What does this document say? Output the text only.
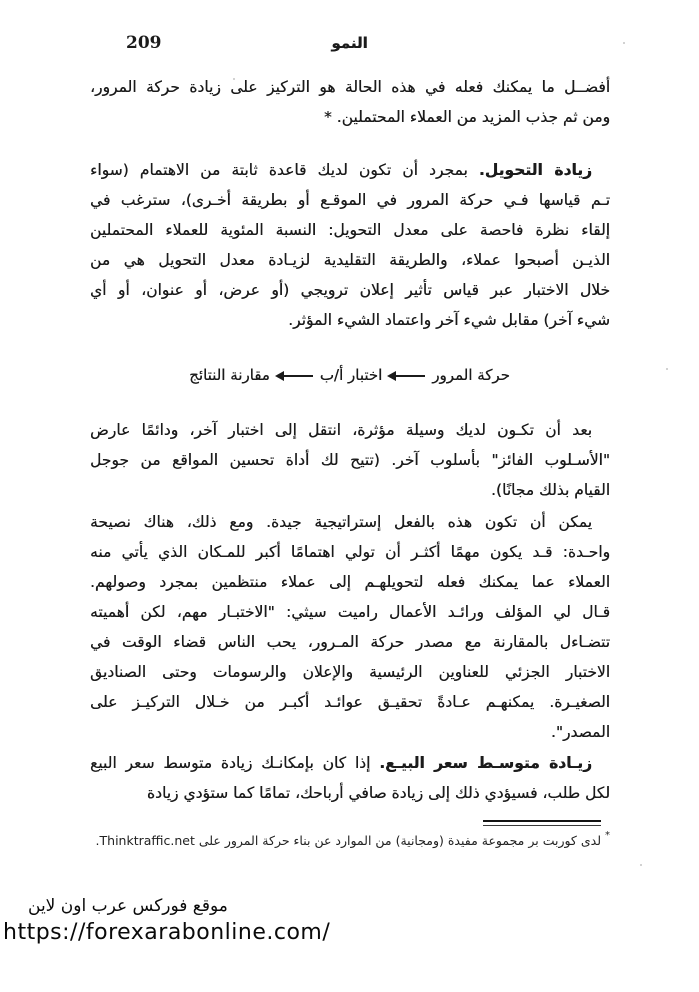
النمو
209
أفضــل ما يمكنك فعله في هذه الحالة هو التركيز على زيادة حركة المرور،
ومن ثم جذب المزيد من العملاء المحتملين. *
زيادة التحويل. بمجرد أن تكون لديك قاعدة ثابتة من الاهتمام (سواء
تـم قياسها فـي حركة المرور في الموقـع أو بطريقة أخـرى)، سترغب في
إلقاء نظرة فاحصة على معدل التحويل: النسبة المئوية للعملاء المحتملين
الذيـن أصبحوا عملاء، والطريقة التقليدية لزيـادة معدل التحويل هي من
خلال الاختبار عبر قياس تأثير إعلان ترويجي (أو عرض، أو عنوان، أو أي
شيء آخر) مقابل شيء آخر واعتماد الشيء المؤثر.
حركة المروراختبار أ/بمقارنة النتائج
بعد أن تكـون لديك وسيلة مؤثرة، انتقل إلى اختبار آخر، ودائمًا عارض
"الأسـلوب الفائز" بأسلوب آخر. (تتيح لك أداة تحسين المواقع من جوجل
القيام بذلك مجانًا).
يمكن أن تكون هذه بالفعل إستراتيجية جيدة. ومع ذلك، هناك نصيحة
واحـدة: قـد يكون مهمًا أكثـر أن تولي اهتمامًا أكبر للمـكان الذي يأتي منه
العملاء عما يمكنك فعله لتحويلهـم إلى عملاء منتظمين بمجرد وصولهم.
قـال لي المؤلف ورائـد الأعمال راميت سيثي: "الاختبـار مهم، لكن أهميته
تتضـاءل بالمقارنة مع مصدر حركة المـرور، يحب الناس قضاء الوقت في
الاختبار الجزئي للعناوين الرئيسية والإعلان والرسومات وحتى الصناديق
الصغيـرة. يمكنهـم عـادةً تحقيـق عوائـد أكبـر من خـلال التركيـز على
المصدر".
زيـادة متوسـط سعر البيـع. إذا كان بإمكانـك زيادة متوسط سعر البيع
لكل طلب، فسيؤدي ذلك إلى زيادة صافي أرباحك، تمامًا كما ستؤدي زيادة
* لدى كوربت بر مجموعة مفيدة (ومجانية) من الموارد عن بناء حركة المرور على Thinktraffic.net.
موقع فوركس عرب اون لاين
https://forexarabonline.com/
